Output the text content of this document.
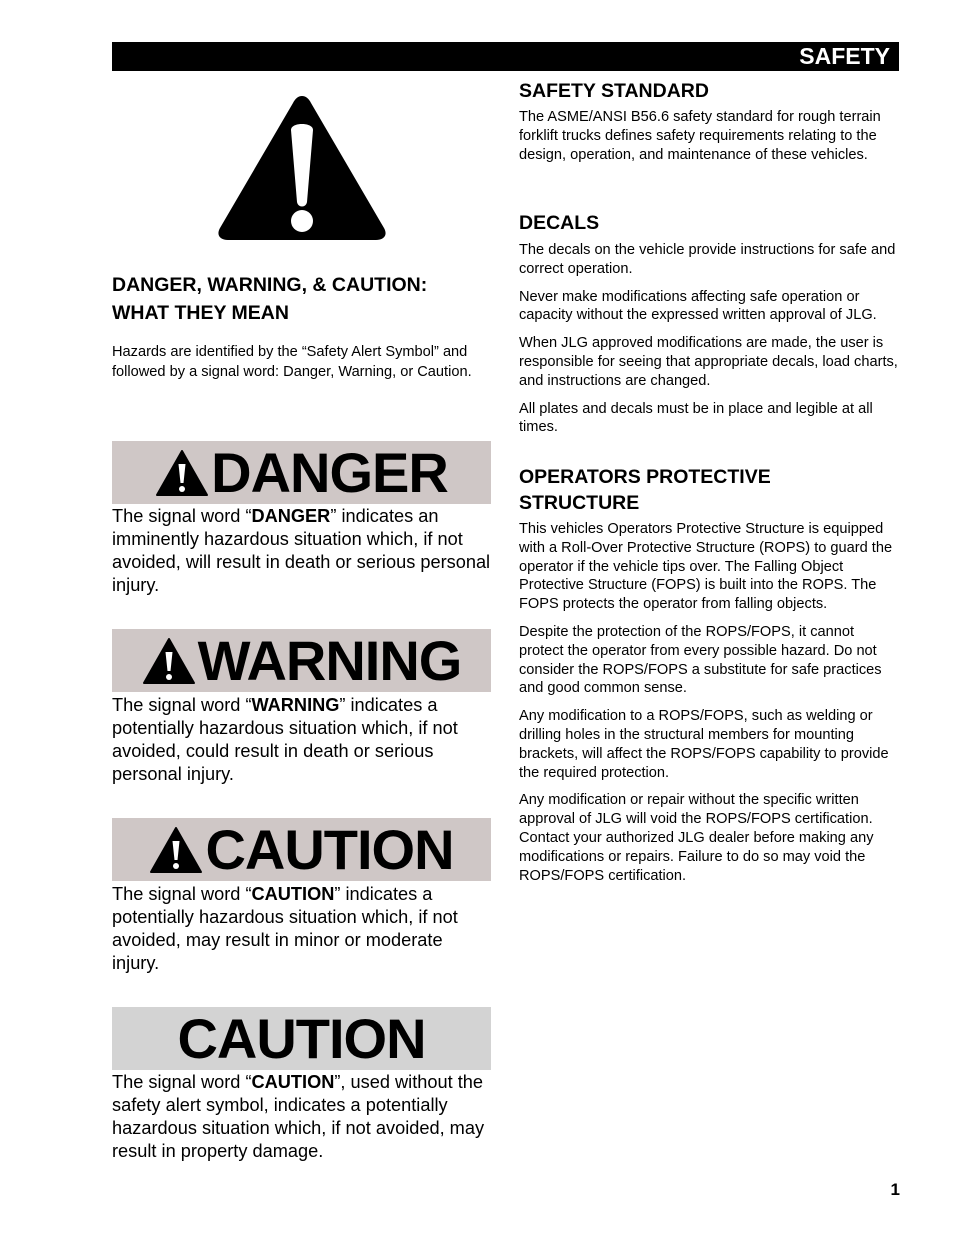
SAFETY
DANGER, WARNING, & CAUTION:
WHAT THEY MEAN
Hazards are identified by the “Safety Alert Symbol” and followed by a signal word: Danger, Warning, or Caution.
DANGER
The signal word “DANGER” indicates an imminently hazardous situation which, if not avoided, will result in death or serious personal injury.
WARNING
The signal word “WARNING” indicates a potentially hazardous situation which, if not avoided, could result in death or serious personal injury.
CAUTION
The signal word “CAUTION” indicates a potentially hazardous situation which, if not avoided, may result in minor or moderate injury.
CAUTION
The signal word “CAUTION”, used without the safety alert symbol, indicates a potentially hazardous situation which, if not avoided, may result in property damage.
SAFETY STANDARD

The ASME/ANSI B56.6 safety standard for rough terrain forklift trucks defines safety requirements relating to the design, operation, and maintenance of these vehicles.

DECALS

The decals on the vehicle provide instructions for safe and correct operation.

Never make modifications affecting safe operation or capacity without the expressed written approval of JLG.

When JLG approved modifications are made, the user is responsible for seeing that appropriate decals, load charts, and instructions are changed.

All plates and decals must be in place and legible at all times.

OPERATORS PROTECTIVE
STRUCTURE

This vehicles Operators Protective Structure is equipped with a Roll-Over Protective Structure (ROPS) to guard the operator if the vehicle tips over. The Falling Object Protective Structure (FOPS) is built into the ROPS. The FOPS protects the operator from falling objects.

Despite the protection of the ROPS/FOPS, it cannot protect the operator from every possible hazard. Do not consider the ROPS/FOPS a substitute for safe practices and good common sense.

Any modification to a ROPS/FOPS, such as welding or drilling holes in the structural members for mounting brackets, will affect the ROPS/FOPS capability to provide the required protection.

Any modification or repair without the specific written approval of JLG will void the ROPS/FOPS certification. Contact your authorized JLG dealer before making any modifications or repairs. Failure to do so may void the ROPS/FOPS certification.

1
